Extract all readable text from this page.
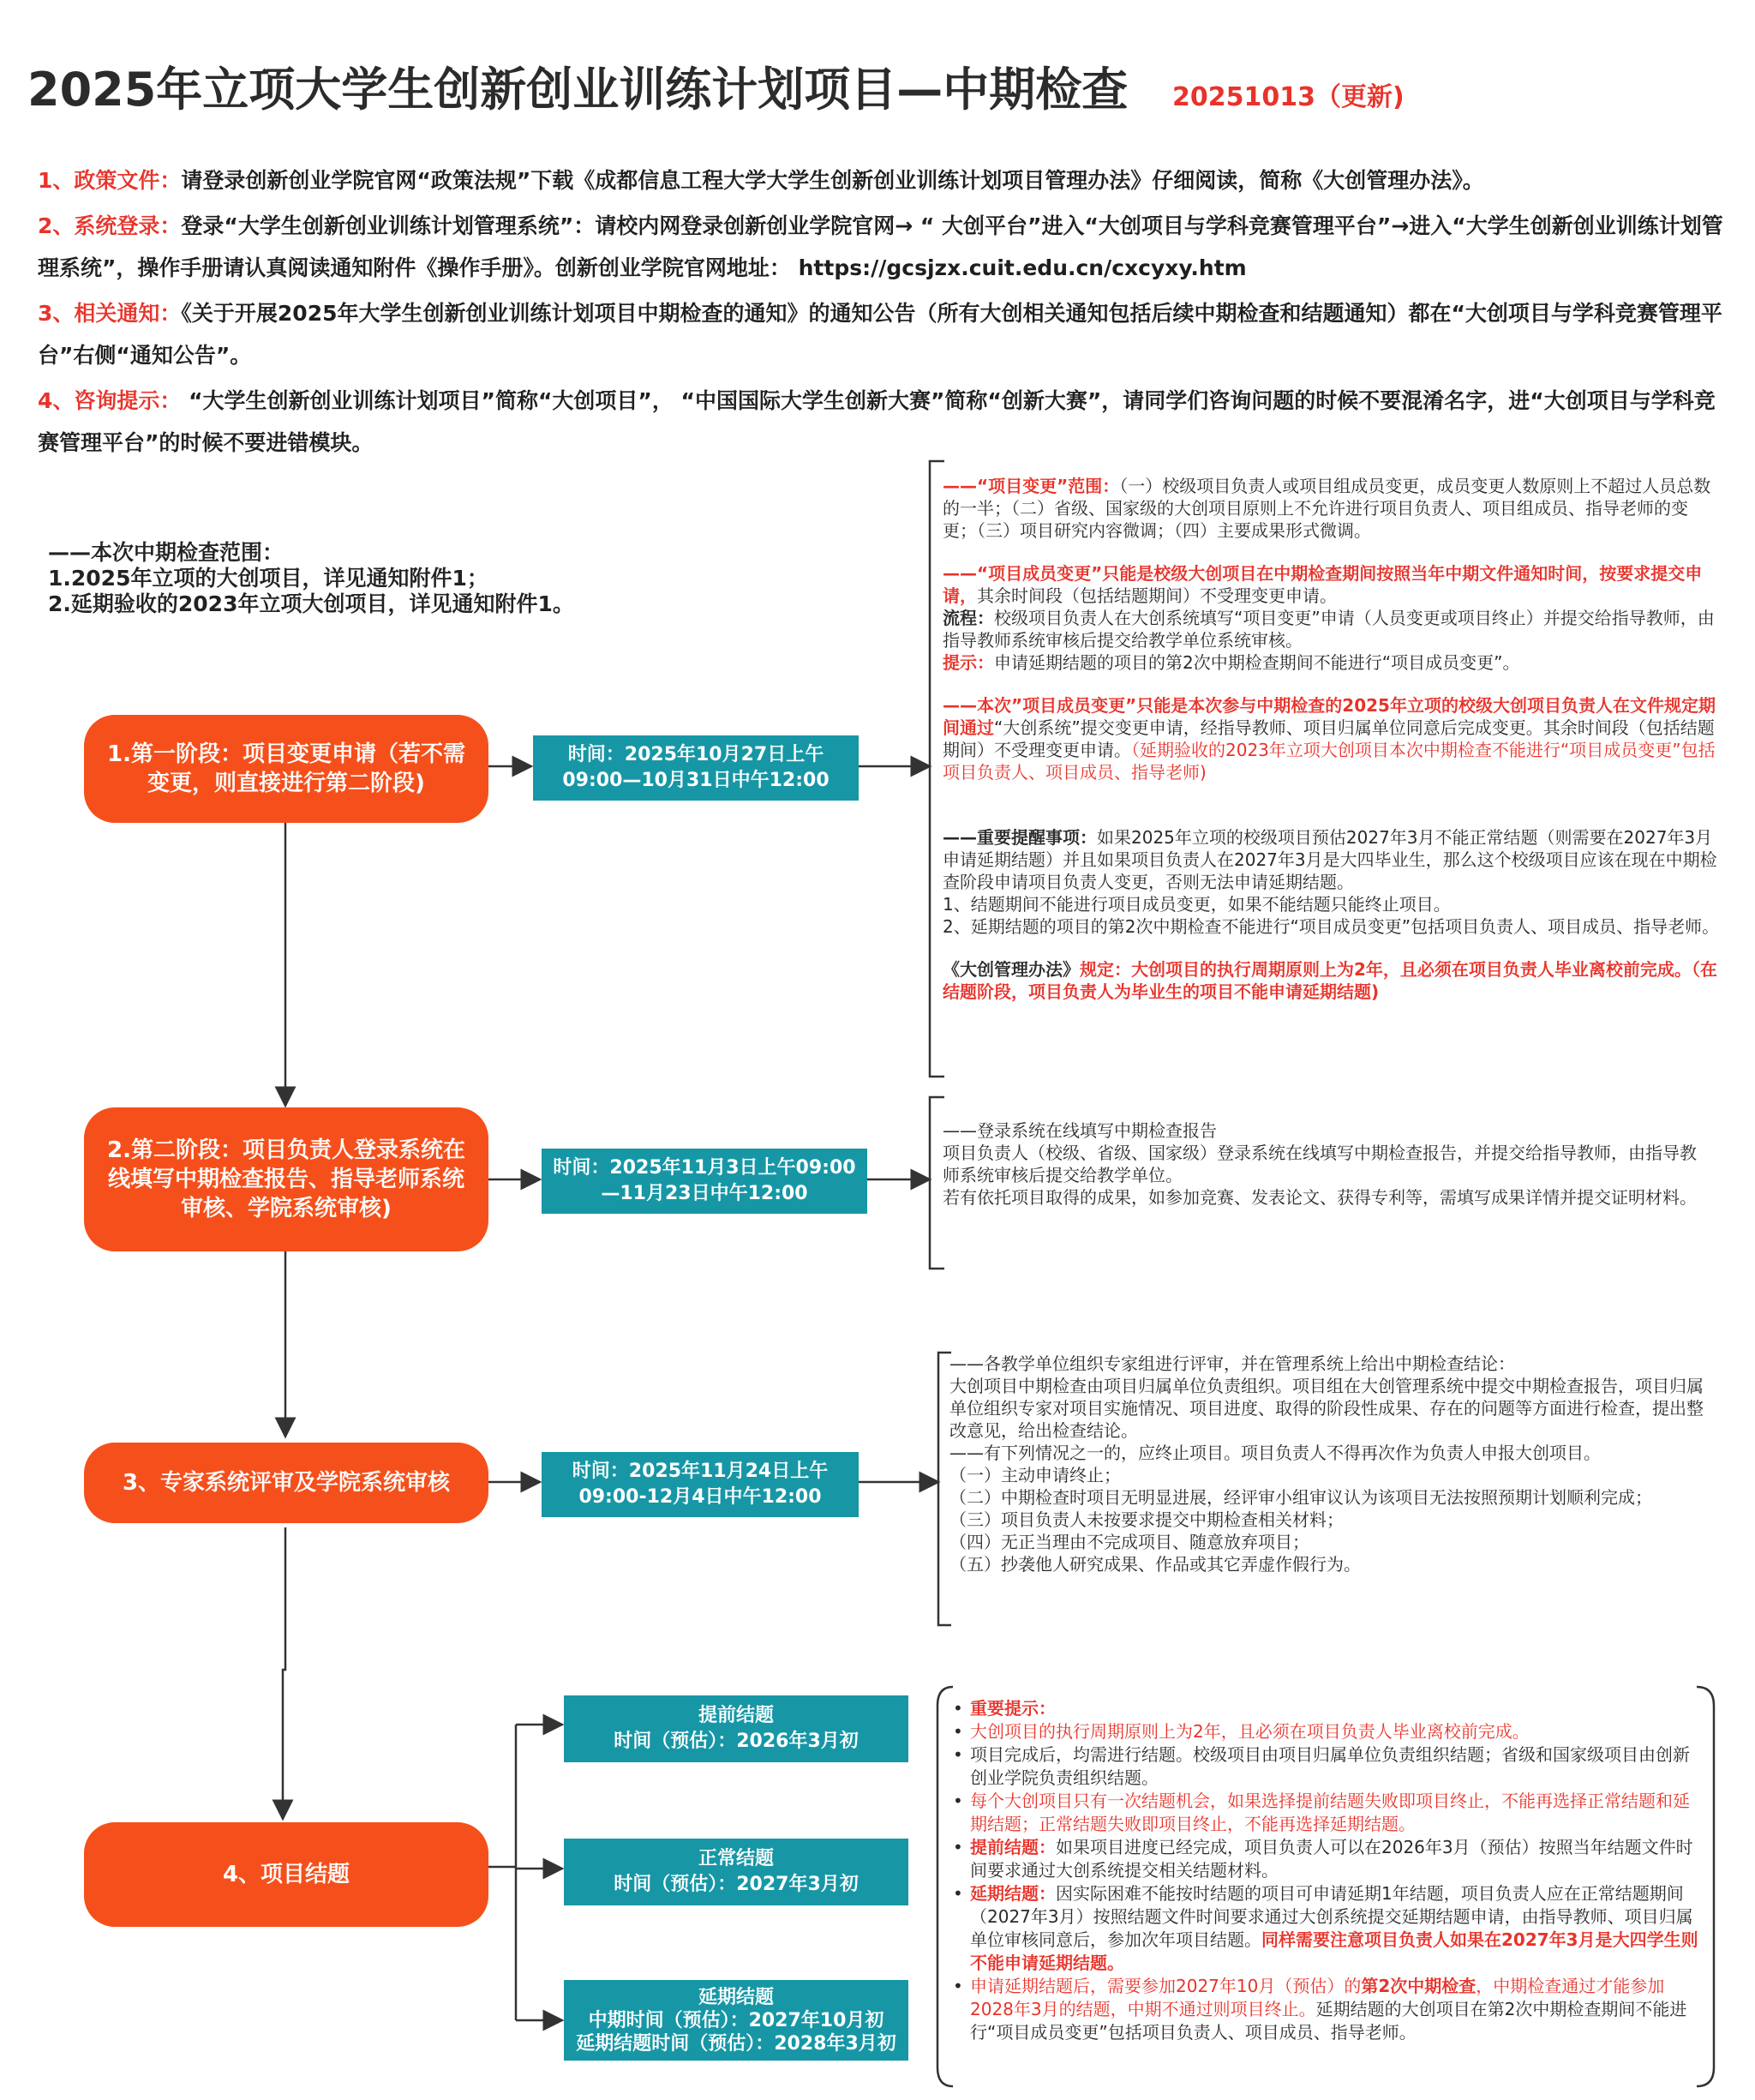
2025年立项大学生创新创业训练计划项目—中期检查 20251013（更新)

1、政策文件：请登录创新创业学院官网“政策法规”下载《成都信息工程大学大学生创新创业训练计划项目管理办法》仔细阅读，简称《大创管理办法》。

2、系统登录：登录“大学生创新创业训练计划管理系统”：请校内网登录创新创业学院官网→ “ 大创平台”进入“大创项目与学科竞赛管理平台”→进入“大学生创新创业训练计划管理系统”，操作手册请认真阅读通知附件《操作手册》。创新创业学院官网地址： https://gcsjzx.cuit.edu.cn/cxcyxy.htm

3、相关通知：《关于开展2025年大学生创新创业训练计划项目中期检查的通知》的通知公告（所有大创相关通知包括后续中期检查和结题通知）都在“大创项目与学科竞赛管理平台”右侧“通知公告”。

4、咨询提示： “大学生创新创业训练计划项目”简称“大创项目”， “中国国际大学生创新大赛”简称“创新大赛”，请同学们咨询问题的时候不要混淆名字，进“大创项目与学科竞赛管理平台”的时候不要进错模块。

——本次中期检查范围：
1.2025年立项的大创项目，详见通知附件1；
2.延期验收的2023年立项大创项目，详见通知附件1。
1.第一阶段：项目变更申请（若不需变更，则直接进行第二阶段)
2.第二阶段：项目负责人登录系统在线填写中期检查报告、指导老师系统审核、学院系统审核)
3、专家系统评审及学院系统审核
4、项目结题
时间：2025年10月27日上午09:00—10月31日中午12:00
时间：2025年11月3日上午09:00—11月23日中午12:00
时间：2025年11月24日上午09:00-12月4日中午12:00
提前结题
时间（预估）：2026年3月初
正常结题
时间（预估）：2027年3月初
延期结题
中期时间（预估）：2027年10月初
延期结题时间（预估）：2028年3月初

——“项目变更”范围：（一）校级项目负责人或项目组成员变更，成员变更人数原则上不超过人员总数的一半；（二）省级、国家级的大创项目原则上不允许进行项目负责人、项目组成员、指导老师的变更；（三）项目研究内容微调；（四）主要成果形式微调。

——“项目成员变更”只能是校级大创项目在中期检查期间按照当年中期文件通知时间，按要求提交申请，其余时间段（包括结题期间）不受理变更申请。

流程：校级项目负责人在大创系统填写“项目变更”申请（人员变更或项目终止）并提交给指导教师，由指导教师系统审核后提交给教学单位系统审核。

提示：申请延期结题的项目的第2次中期检查期间不能进行“项目成员变更”。

——本次”项目成员变更”只能是本次参与中期检查的2025年立项的校级大创项目负责人在文件规定期间通过“大创系统”提交变更申请，经指导教师、项目归属单位同意后完成变更。其余时间段（包括结题期间）不受理变更申请。（延期验收的2023年立项大创项目本次中期检查不能进行“项目成员变更”包括项目负责人、项目成员、指导老师)

——重要提醒事项：如果2025年立项的校级项目预估2027年3月不能正常结题（则需要在2027年3月申请延期结题）并且如果项目负责人在2027年3月是大四毕业生，那么这个校级项目应该在现在中期检查阶段申请项目负责人变更，否则无法申请延期结题。

1、结题期间不能进行项目成员变更，如果不能结题只能终止项目。

2、延期结题的项目的第2次中期检查不能进行“项目成员变更”包括项目负责人、项目成员、指导老师。

《大创管理办法》规定：大创项目的执行周期原则上为2年，且必须在项目负责人毕业离校前完成。（在结题阶段，项目负责人为毕业生的项目不能申请延期结题)

——登录系统在线填写中期检查报告

项目负责人（校级、省级、国家级）登录系统在线填写中期检查报告，并提交给指导教师，由指导教师系统审核后提交给教学单位。

若有依托项目取得的成果，如参加竞赛、发表论文、获得专利等，需填写成果详情并提交证明材料。

——各教学单位组织专家组进行评审，并在管理系统上给出中期检查结论：

大创项目中期检查由项目归属单位负责组织。项目组在大创管理系统中提交中期检查报告，项目归属单位组织专家对项目实施情况、项目进度、取得的阶段性成果、存在的问题等方面进行检查，提出整改意见，给出检查结论。

——有下列情况之一的，应终止项目。项目负责人不得再次作为负责人申报大创项目。

（一）主动申请终止；

（二）中期检查时项目无明显进展，经评审小组审议认为该项目无法按照预期计划顺利完成；

（三）项目负责人未按要求提交中期检查相关材料；

（四）无正当理由不完成项目、随意放弃项目；

（五）抄袭他人研究成果、作品或其它弄虚作假行为。

• 重要提示：
• 大创项目的执行周期原则上为2年，且必须在项目负责人毕业离校前完成。
• 项目完成后，均需进行结题。校级项目由项目归属单位负责组织结题；省级和国家级项目由创新创业学院负责组织结题。
• 每个大创项目只有一次结题机会，如果选择提前结题失败即项目终止，不能再选择正常结题和延期结题；正常结题失败即项目终止，不能再选择延期结题。
• 提前结题：如果项目进度已经完成，项目负责人可以在2026年3月（预估）按照当年结题文件时间要求通过大创系统提交相关结题材料。
• 延期结题：因实际困难不能按时结题的项目可申请延期1年结题，项目负责人应在正常结题期间（2027年3月）按照结题文件时间要求通过大创系统提交延期结题申请，由指导教师、项目归属单位审核同意后，参加次年项目结题。同样需要注意项目负责人如果在2027年3月是大四学生则不能申请延期结题。
• 申请延期结题后，需要参加2027年10月（预估）的第2次中期检查，中期检查通过才能参加2028年3月的结题，中期不通过则项目终止。延期结题的大创项目在第2次中期检查期间不能进行“项目成员变更”包括项目负责人、项目成员、指导老师。
